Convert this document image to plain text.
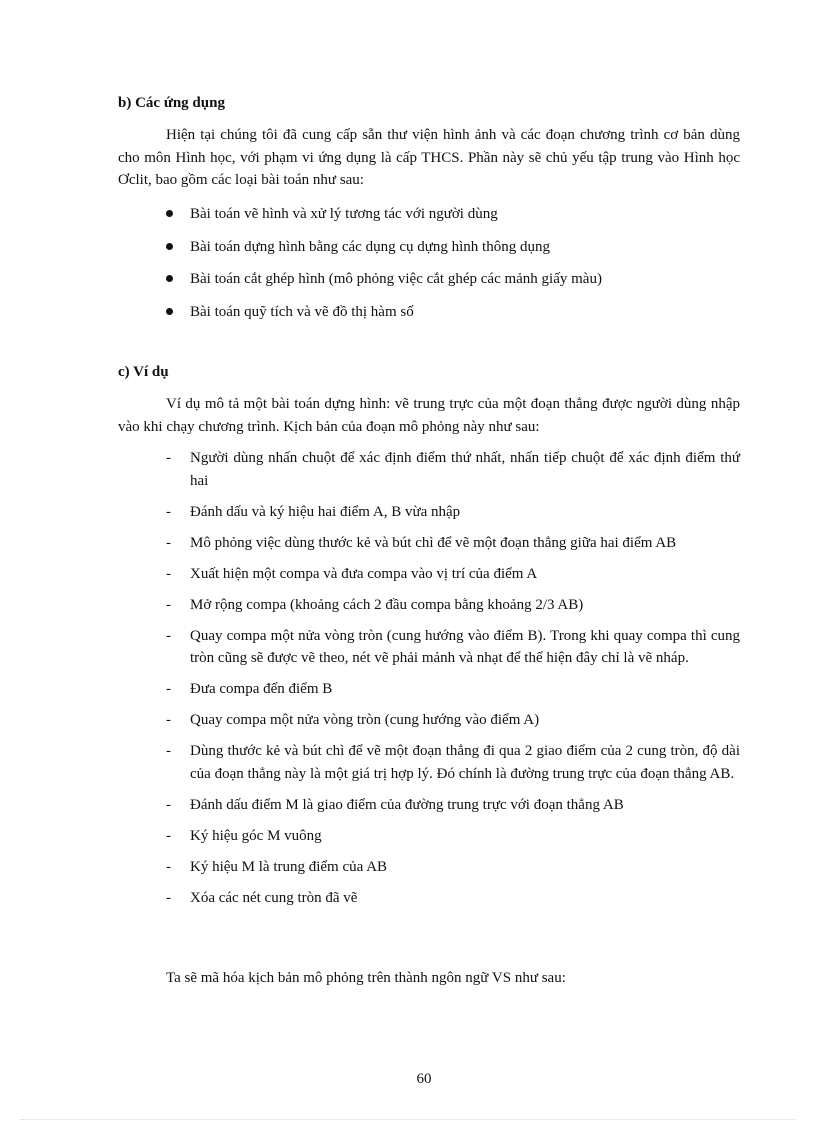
b) Các ứng dụng

Hiện tại chúng tôi đã cung cấp sẵn thư viện hình ảnh và các đoạn chương trình cơ bản dùng cho môn Hình học, với phạm vi ứng dụng là cấp THCS. Phần này sẽ chủ yếu tập trung vào Hình học Ơclit, bao gồm các loại bài toán như sau:

Bài toán vẽ hình và xử lý tương tác với người dùng
Bài toán dựng hình bằng các dụng cụ dựng hình thông dụng
Bài toán cắt ghép hình (mô phỏng việc cắt ghép các mảnh giấy màu)
Bài toán quỹ tích và vẽ đồ thị hàm số
c) Ví dụ

Ví dụ mô tả một bài toán dựng hình: vẽ trung trực của một đoạn thẳng được người dùng nhập vào khi chạy chương trình. Kịch bản của đoạn mô phỏng này như sau:

- Người dùng nhấn chuột để xác định điểm thứ nhất, nhấn tiếp chuột để xác định điểm thứ hai
- Đánh dấu và ký hiệu hai điểm A, B vừa nhập
- Mô phỏng việc dùng thước kẻ và bút chì để vẽ một đoạn thẳng giữa hai điểm AB
- Xuất hiện một compa và đưa compa vào vị trí của điểm A
- Mở rộng compa (khoảng cách 2 đầu compa bằng khoảng 2/3 AB)
- Quay compa một nửa vòng tròn (cung hướng vào điểm B). Trong khi quay compa thì cung tròn cũng sẽ được vẽ theo, nét vẽ phải mảnh và nhạt để thể hiện đây chỉ là vẽ nháp.
- Đưa compa đến điểm B
- Quay compa một nửa vòng tròn (cung hướng vào điểm A)
- Dùng thước kẻ và bút chì để vẽ một đoạn thẳng đi qua 2 giao điểm của 2 cung tròn, độ dài của đoạn thẳng này là một giá trị hợp lý. Đó chính là đường trung trực của đoạn thẳng AB.
- Đánh dấu điểm M là giao điểm của đường trung trực với đoạn thẳng AB
- Ký hiệu góc M vuông
- Ký hiệu M là trung điểm của AB
- Xóa các nét cung tròn đã vẽ

Ta sẽ mã hóa kịch bản mô phỏng trên thành ngôn ngữ VS như sau:

60
